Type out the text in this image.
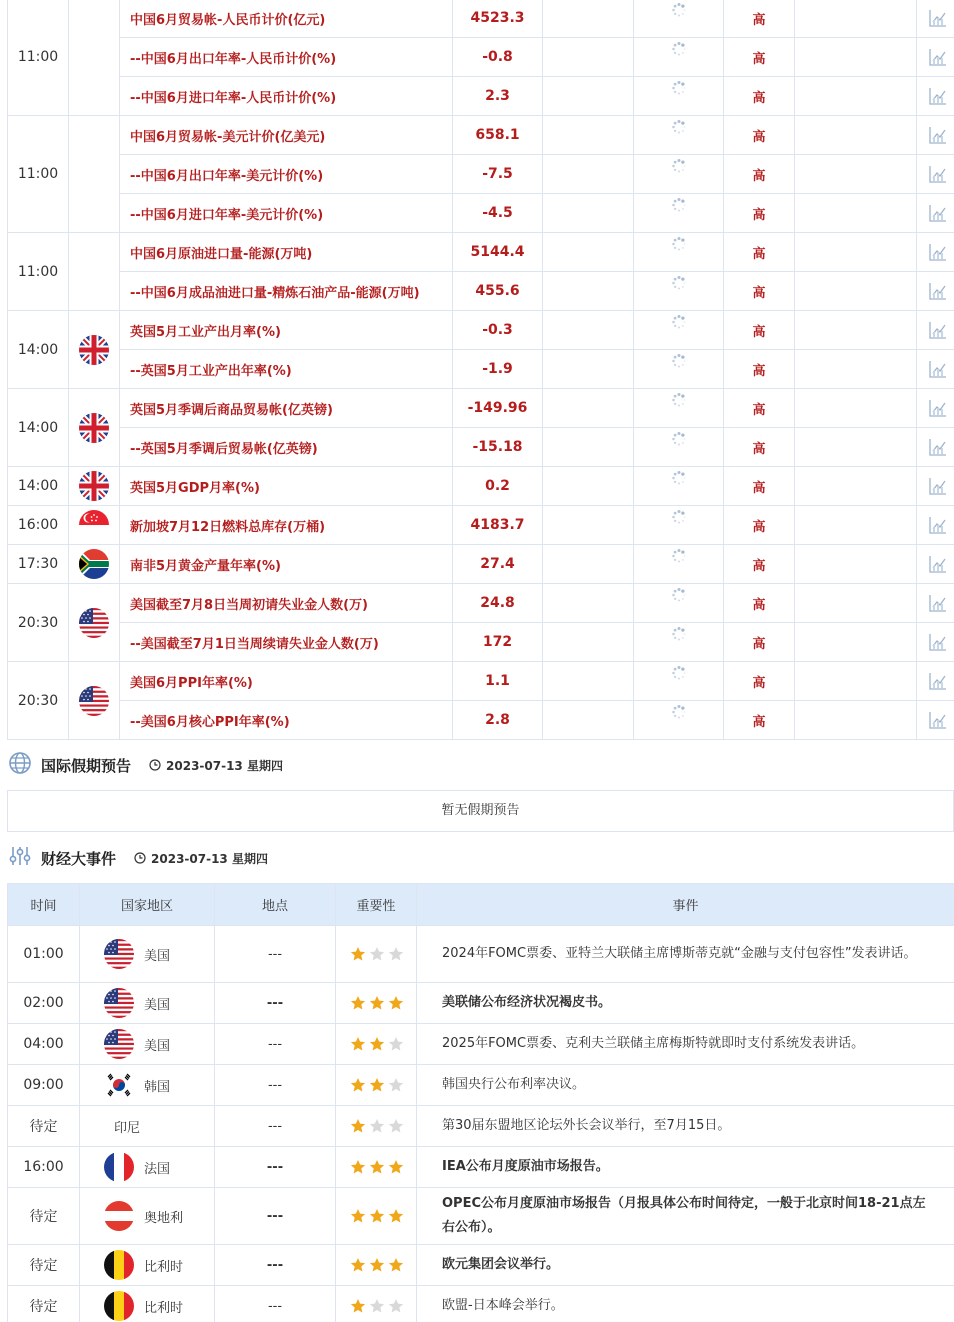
11:00		中国6月贸易帐-人民币计价(亿元)	4523.3			高		
		--中国6月出口年率-人民币计价(%)	-0.8			高		
		--中国6月进口年率-人民币计价(%)	2.3			高		
11:00		中国6月贸易帐-美元计价(亿美元)	658.1			高		
		--中国6月出口年率-美元计价(%)	-7.5			高		
		--中国6月进口年率-美元计价(%)	-4.5			高		
11:00		中国6月原油进口量-能源(万吨)	5144.4			高		
		--中国6月成品油进口量-精炼石油产品-能源(万吨)	455.6			高		
14:00		英国5月工业产出月率(%)	-0.3			高		
		--英国5月工业产出年率(%)	-1.9			高		
14:00		英国5月季调后商品贸易帐(亿英镑)	-149.96			高		
		--英国5月季调后贸易帐(亿英镑)	-15.18			高		
14:00		英国5月GDP月率(%)	0.2			高		
16:00		新加坡7月12日燃料总库存(万桶)	4183.7			高		
17:30		南非5月黄金产量年率(%)	27.4			高		
20:30		美国截至7月8日当周初请失业金人数(万)	24.8			高		
		--美国截至7月1日当周续请失业金人数(万)	172			高		
20:30		美国6月PPI年率(%)	1.1			高		
		--美国6月核心PPI年率(%)	2.8			高		
国际假期预告	2023-07-13 星期四
暂无假期预告
财经大事件	2023-07-13 星期四
时间	国家地区	地点	重要性	事件
01:00	美国	---		2024年FOMC票委、亚特兰大联储主席博斯蒂克就“金融与支付包容性”发表讲话。
02:00	美国	---		美联储公布经济状况褐皮书。
04:00	美国	---		2025年FOMC票委、克利夫兰联储主席梅斯特就即时支付系统发表讲话。
09:00	韩国	---		韩国央行公布利率决议。
待定	印尼	---		第30届东盟地区论坛外长会议举行，至7月15日。
16:00	法国	---		IEA公布月度原油市场报告。
待定	奥地利	---		OPEC公布月度原油市场报告（月报具体公布时间待定，一般于北京时间18-21点左右公布）。
待定	比利时	---		欧元集团会议举行。
待定	比利时	---		欧盟-日本峰会举行。
